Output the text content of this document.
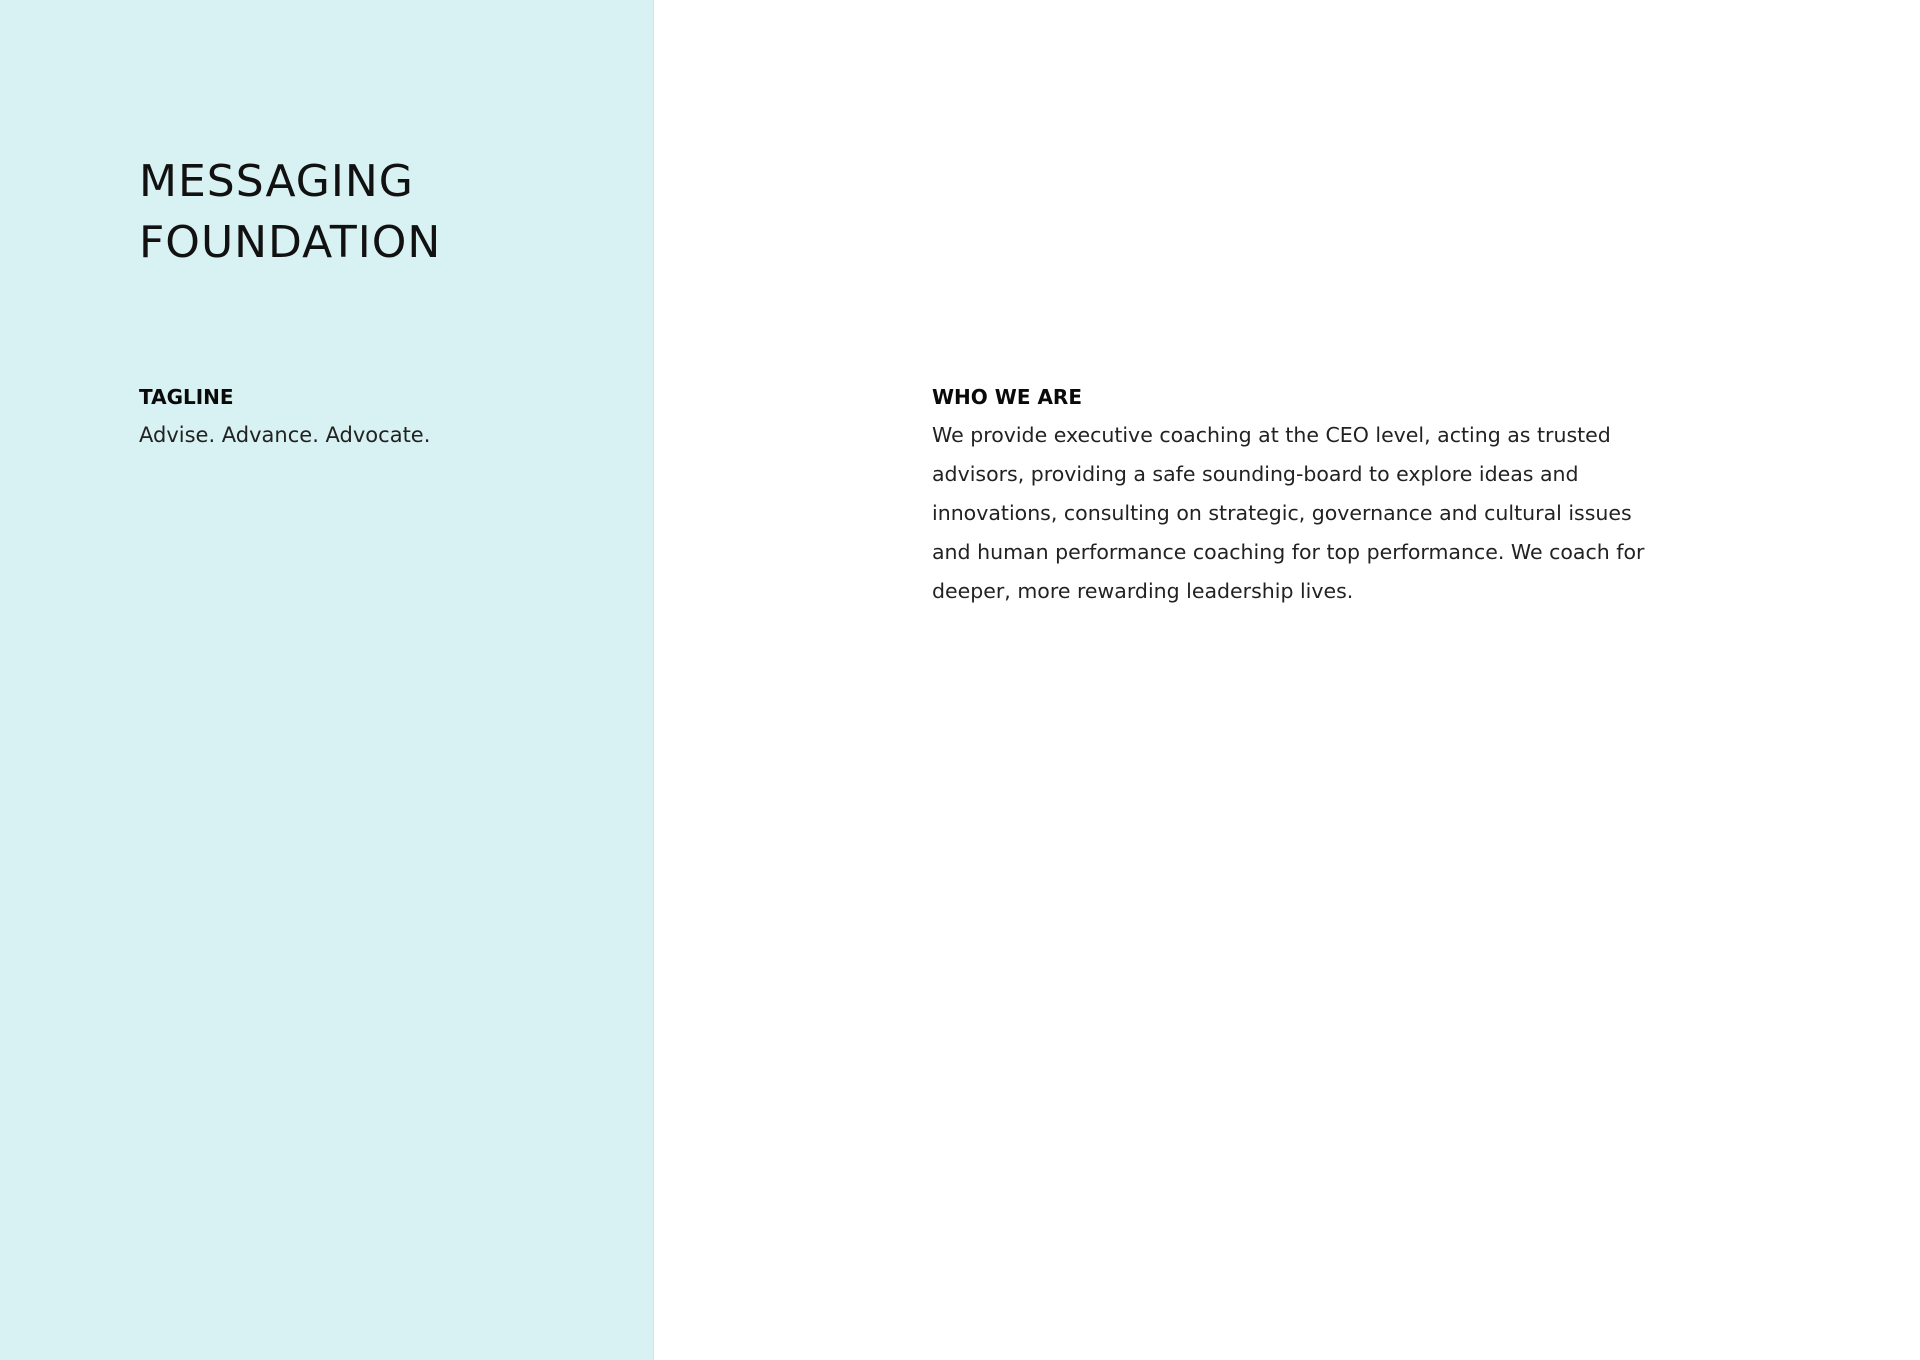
MESSAGING
FOUNDATION
TAGLINE

Advise. Advance. Advocate.

WHO WE ARE

We provide executive coaching at the CEO level, acting as trusted advisors, providing a safe sounding-board to explore ideas and innovations, consulting on strategic, governance and cultural issues and human performance coaching for top performance. We coach for deeper, more rewarding leadership lives.
